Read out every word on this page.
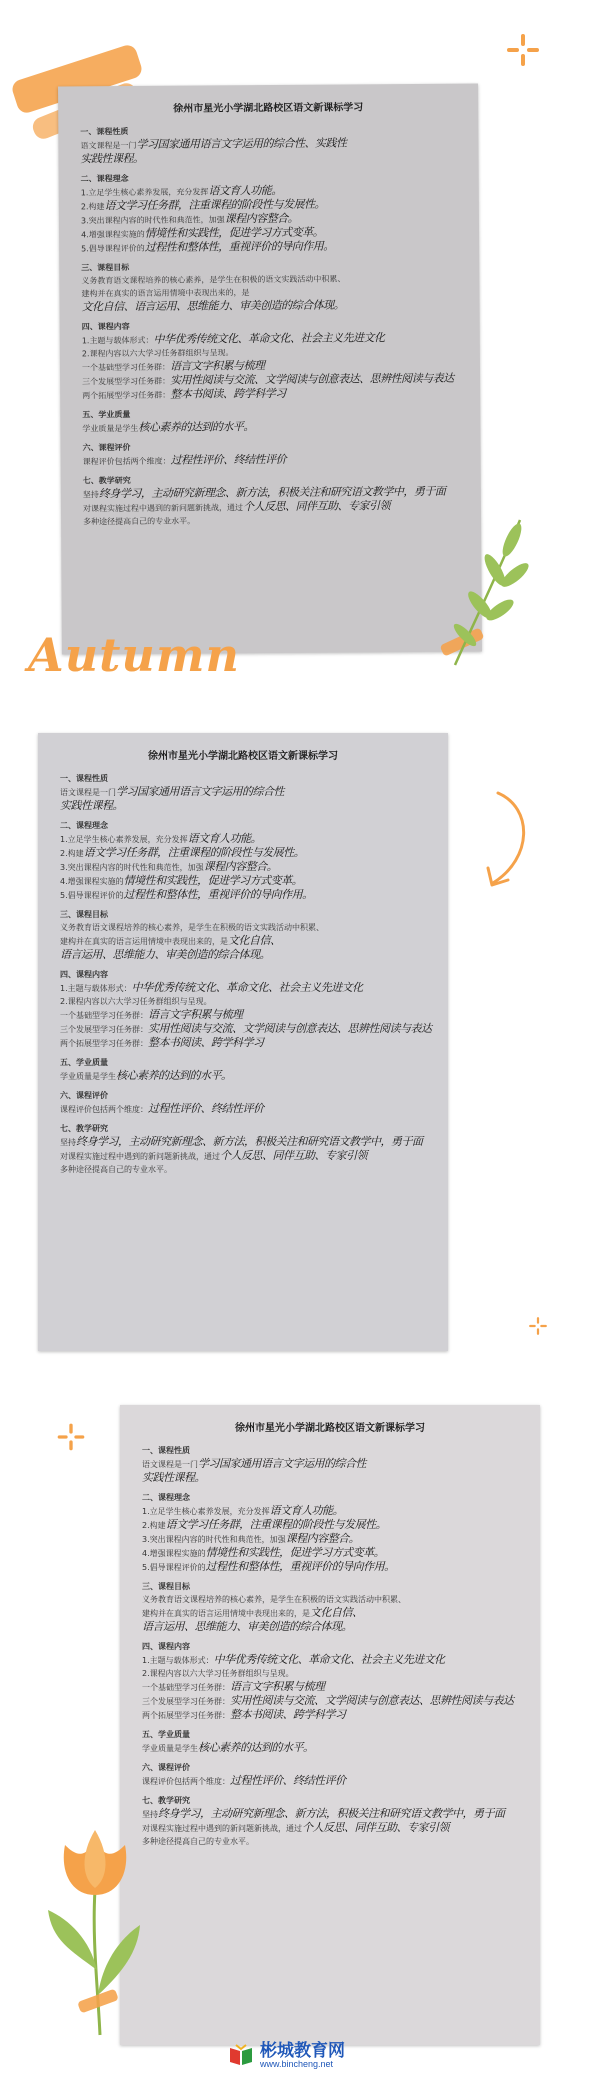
徐州市星光小学湖北路校区语文新课标学习
一、课程性质
语文课程是一门学习国家通用语言文字运用的综合性、实践性
实践性课程。
二、课程理念
1.立足学生核心素养发展，充分发挥语文育人功能。
2.构建语文学习任务群，注重课程的阶段性与发展性。
3.突出课程内容的时代性和典范性，加强课程内容整合。
4.增强课程实施的情境性和实践性，促进学习方式变革。
5.倡导课程评价的过程性和整体性，重视评价的导向作用。
三、课程目标
义务教育语文课程培养的核心素养，是学生在积极的语文实践活动中积累、
建构并在真实的语言运用情境中表现出来的，是
文化自信、语言运用、思维能力、审美创造的综合体现。
四、课程内容
1.主题与载体形式：中华优秀传统文化、革命文化、社会主义先进文化
2.课程内容以六大学习任务群组织与呈现。
一个基础型学习任务群：语言文字积累与梳理
三个发展型学习任务群：实用性阅读与交流、文学阅读与创意表达、思辨性阅读与表达
两个拓展型学习任务群：整本书阅读、跨学科学习
五、学业质量
学业质量是学生核心素养的达到的水平。
六、课程评价
课程评价包括两个维度：过程性评价、终结性评价
七、教学研究
坚持终身学习，主动研究新理念、新方法，积极关注和研究语文教学中，勇于面
对课程实施过程中遇到的新问题新挑战，通过个人反思、同伴互助、专家引领
多种途径提高自己的专业水平。
徐州市星光小学湖北路校区语文新课标学习
一、课程性质
语文课程是一门学习国家通用语言文字运用的综合性
实践性课程。
二、课程理念
1.立足学生核心素养发展，充分发挥语文育人功能。
2.构建语文学习任务群，注重课程的阶段性与发展性。
3.突出课程内容的时代性和典范性，加强课程内容整合。
4.增强课程实施的情境性和实践性，促进学习方式变革。
5.倡导课程评价的过程性和整体性，重视评价的导向作用。
三、课程目标
义务教育语文课程培养的核心素养，是学生在积极的语文实践活动中积累、
建构并在真实的语言运用情境中表现出来的，是文化自信、
语言运用、思维能力、审美创造的综合体现。
四、课程内容
1.主题与载体形式：中华优秀传统文化、革命文化、社会主义先进文化
2.课程内容以六大学习任务群组织与呈现。
一个基础型学习任务群：语言文字积累与梳理
三个发展型学习任务群：实用性阅读与交流、文学阅读与创意表达、思辨性阅读与表达
两个拓展型学习任务群：整本书阅读、跨学科学习
五、学业质量
学业质量是学生核心素养的达到的水平。
六、课程评价
课程评价包括两个维度：过程性评价、终结性评价
七、教学研究
坚持终身学习，主动研究新理念、新方法，积极关注和研究语文教学中，勇于面
对课程实施过程中遇到的新问题新挑战，通过个人反思、同伴互助、专家引领
多种途径提高自己的专业水平。
徐州市星光小学湖北路校区语文新课标学习
一、课程性质
语文课程是一门学习国家通用语言文字运用的综合性
实践性课程。
二、课程理念
1.立足学生核心素养发展，充分发挥语文育人功能。
2.构建语文学习任务群，注重课程的阶段性与发展性。
3.突出课程内容的时代性和典范性，加强课程内容整合。
4.增强课程实施的情境性和实践性，促进学习方式变革。
5.倡导课程评价的过程性和整体性，重视评价的导向作用。
三、课程目标
义务教育语文课程培养的核心素养，是学生在积极的语文实践活动中积累、
建构并在真实的语言运用情境中表现出来的，是文化自信、
语言运用、思维能力、审美创造的综合体现。
四、课程内容
1.主题与载体形式：中华优秀传统文化、革命文化、社会主义先进文化
2.课程内容以六大学习任务群组织与呈现。
一个基础型学习任务群：语言文字积累与梳理
三个发展型学习任务群：实用性阅读与交流、文学阅读与创意表达、思辨性阅读与表达
两个拓展型学习任务群：整本书阅读、跨学科学习
五、学业质量
学业质量是学生核心素养的达到的水平。
六、课程评价
课程评价包括两个维度：过程性评价、终结性评价
七、教学研究
坚持终身学习，主动研究新理念、新方法，积极关注和研究语文教学中，勇于面
对课程实施过程中遇到的新问题新挑战，通过个人反思、同伴互助、专家引领
多种途径提高自己的专业水平。
Autumn
彬城教育网
www.bincheng.net
